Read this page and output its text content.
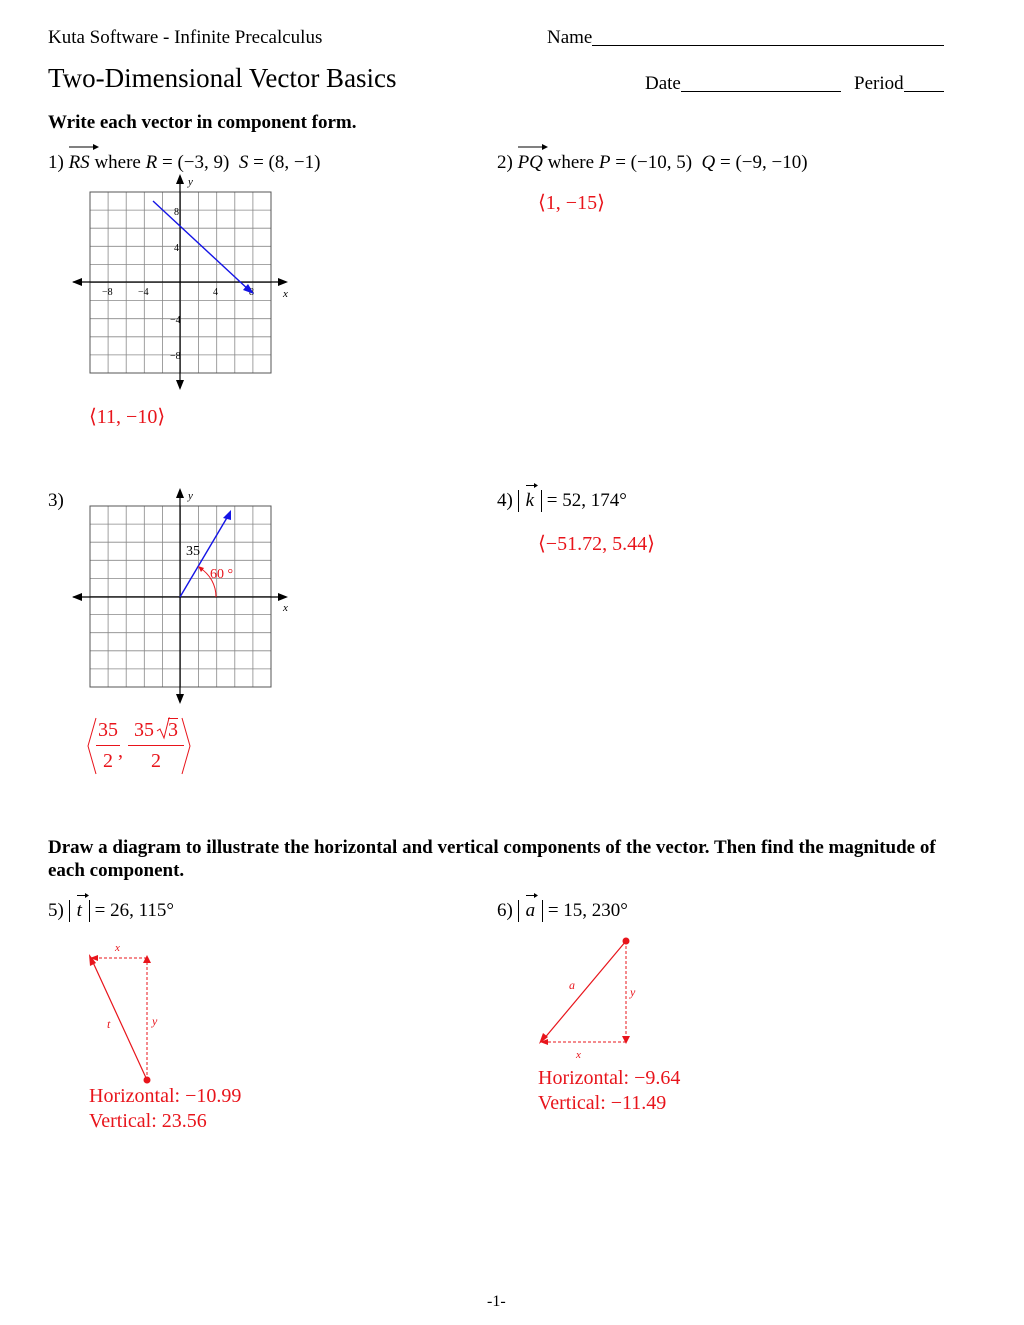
Kuta Software - Infinite Precalculus	Name
Two-Dimensional Vector Basics	Date	Period
Write each vector in component form.
1) RS where R = (−3, 9) S = (8, −1)
x
y
−8	−4	4
8
4
−4
−8
⟨11, −10⟩
2) PQ where P = (−10, 5) Q = (−9, −10)
⟨1, −15⟩
3)
x
y
35
60 °
$\frac{35}{2}$
, $\frac{35 3}{2}$
4) k = 52, 174°
⟨−51.72, 5.44⟩
Draw a diagram to illustrate the horizontal and vertical components of the vector. Then find the magnitude of each component.
5) t = 26, 115°
x
y
t
Horizontal: −10.99
Vertical: 23.56
6) a = 15, 230°
x
y
a
Horizontal: −9.64
Vertical: −11.49
-1-
